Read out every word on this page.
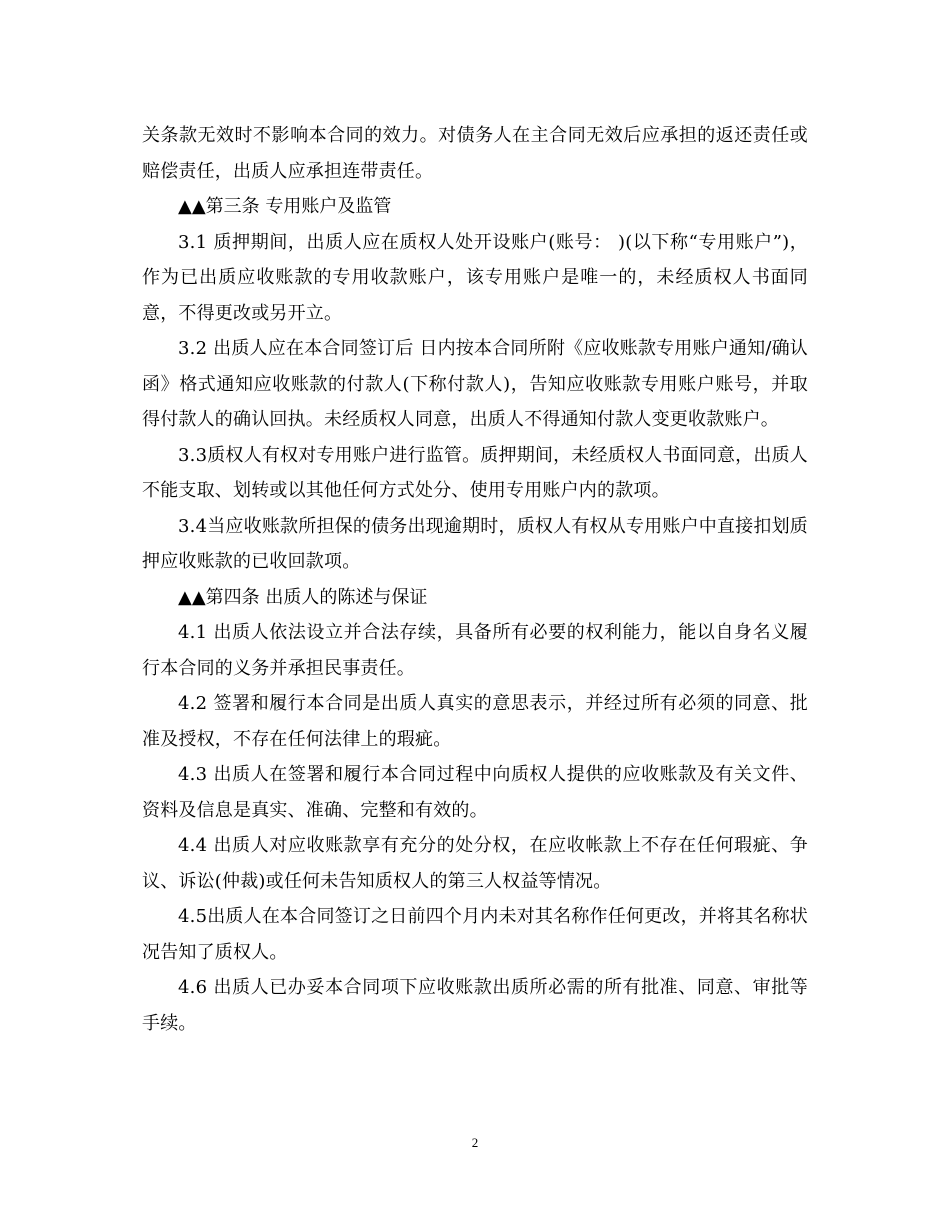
关条款无效时不影响本合同的效力。对债务人在主合同无效后应承担的返还责任或赔偿责任，出质人应承担连带责任。

▲▲第三条 专用账户及监管

3.1 质押期间，出质人应在质权人处开设账户(账号： )(以下称“专用账户”)，作为已出质应收账款的专用收款账户，该专用账户是唯一的，未经质权人书面同意，不得更改或另开立。

3.2 出质人应在本合同签订后 日内按本合同所附《应收账款专用账户通知/确认函》格式通知应收账款的付款人(下称付款人)，告知应收账款专用账户账号，并取得付款人的确认回执。未经质权人同意，出质人不得通知付款人变更收款账户。

3.3质权人有权对专用账户进行监管。质押期间，未经质权人书面同意，出质人不能支取、划转或以其他任何方式处分、使用专用账户内的款项。

3.4当应收账款所担保的债务出现逾期时，质权人有权从专用账户中直接扣划质押应收账款的已收回款项。

▲▲第四条 出质人的陈述与保证

4.1 出质人依法设立并合法存续，具备所有必要的权利能力，能以自身名义履行本合同的义务并承担民事责任。

4.2 签署和履行本合同是出质人真实的意思表示，并经过所有必须的同意、批准及授权，不存在任何法律上的瑕疵。

4.3 出质人在签署和履行本合同过程中向质权人提供的应收账款及有关文件、资料及信息是真实、准确、完整和有效的。

4.4 出质人对应收账款享有充分的处分权，在应收帐款上不存在任何瑕疵、争议、诉讼(仲裁)或任何未告知质权人的第三人权益等情况。

4.5出质人在本合同签订之日前四个月内未对其名称作任何更改，并将其名称状况告知了质权人。

4.6 出质人已办妥本合同项下应收账款出质所必需的所有批准、同意、审批等手续。

2
